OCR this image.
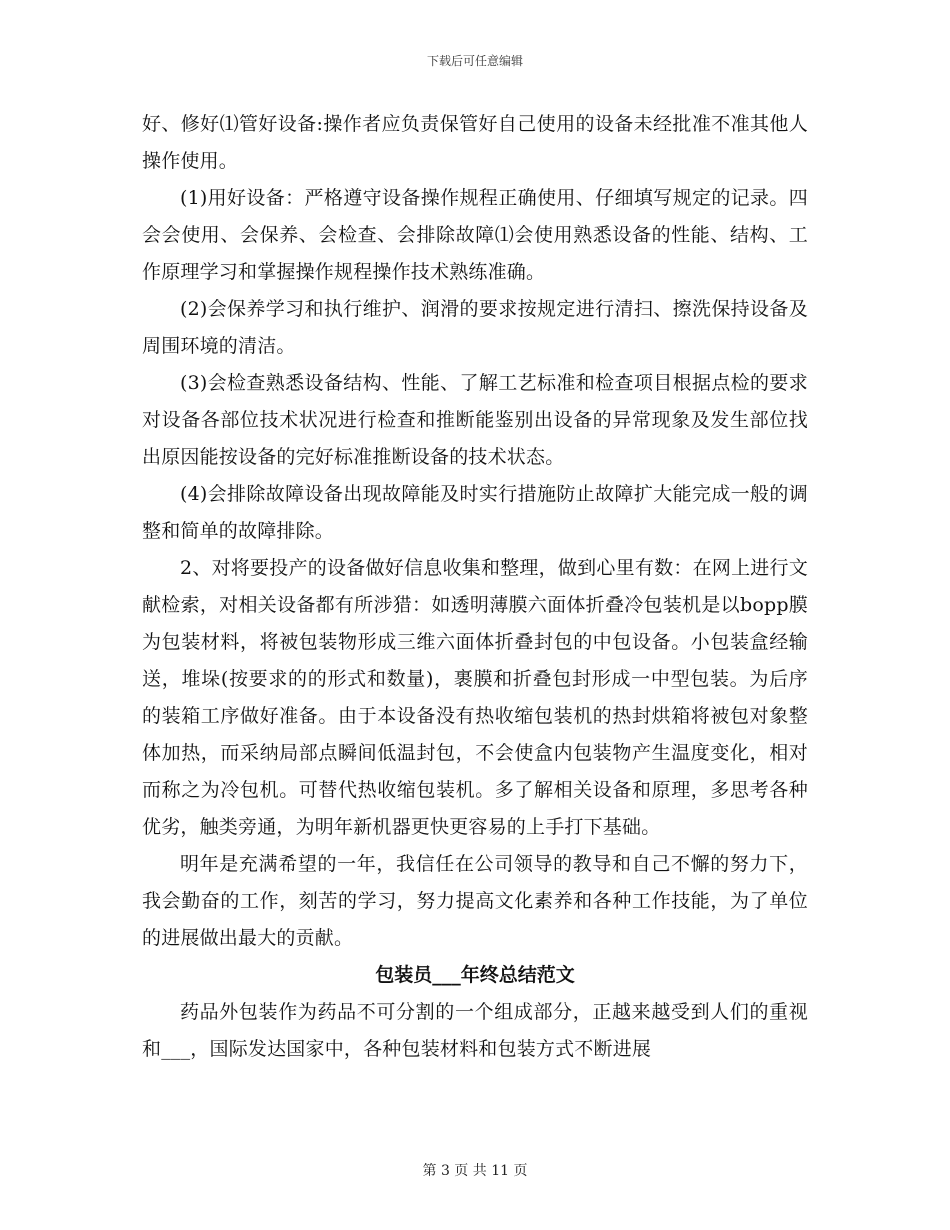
下载后可任意编辑

好、修好⑴管好设备:操作者应负责保管好自己使用的设备未经批准不准其他人操作使用。

(1)用好设备：严格遵守设备操作规程正确使用、仔细填写规定的记录。四会会使用、会保养、会检查、会排除故障⑴会使用熟悉设备的性能、结构、工作原理学习和掌握操作规程操作技术熟练准确。

(2)会保养学习和执行维护、润滑的要求按规定进行清扫、擦洗保持设备及周围环境的清洁。

(3)会检查熟悉设备结构、性能、了解工艺标准和检查项目根据点检的要求对设备各部位技术状况进行检查和推断能鉴别出设备的异常现象及发生部位找出原因能按设备的完好标准推断设备的技术状态。

(4)会排除故障设备出现故障能及时实行措施防止故障扩大能完成一般的调整和简单的故障排除。

2、对将要投产的设备做好信息收集和整理，做到心里有数：在网上进行文献检索，对相关设备都有所涉猎：如透明薄膜六面体折叠冷包装机是以bopp膜为包装材料，将被包装物形成三维六面体折叠封包的中包设备。小包装盒经输送，堆垛(按要求的的形式和数量)，裹膜和折叠包封形成一中型包装。为后序的装箱工序做好准备。由于本设备没有热收缩包装机的热封烘箱将被包对象整体加热，而采纳局部点瞬间低温封包，不会使盒内包装物产生温度变化，相对而称之为冷包机。可替代热收缩包装机。多了解相关设备和原理，多思考各种优劣，触类旁通，为明年新机器更快更容易的上手打下基础。

明年是充满希望的一年，我信任在公司领导的教导和自己不懈的努力下，我会勤奋的工作，刻苦的学习，努力提高文化素养和各种工作技能，为了单位的进展做出最大的贡献。

包装员___年终总结范文

药品外包装作为药品不可分割的一个组成部分，正越来越受到人们的重视和___，国际发达国家中，各种包装材料和包装方式不断进展

第 3 页 共 11 页
